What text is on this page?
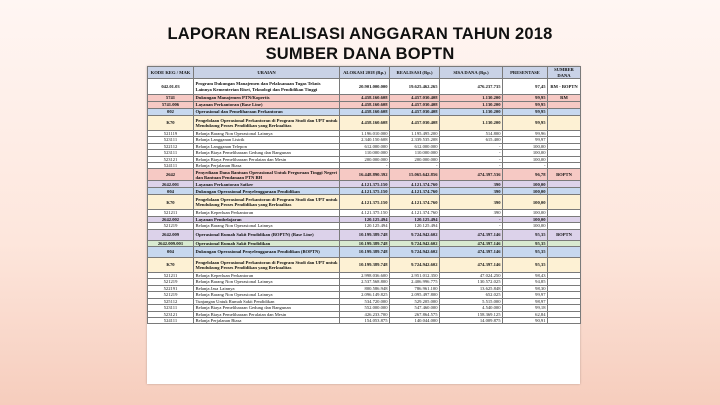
LAPORAN REALISASI ANGGARAN TAHUN 2018
SUMBER DANA BOPTN
KODE KEG / MAK	URAIAN	ALOKASI 2018 (Rp.)	REALISASI (Rp.)	SISA DANA (Rp.)	PRESENTASE	SUMBER DANA
042.01.03	Program Dukungan Manajemen dan Pelaksanaan Tugas Teknis Lainnya Kementerian Riset, Teknologi dan Pendidikan Tinggi	20.901.000.000	19.625.462.265	476.237.735	97,45	RM - BOPTN
5741	Dukungan Manajemen PTN/Kopertis	4.458.160.608	4.457.030.408	1.130.200	99,95	RM
5741.006	Layanan Perkantoran (Base Line)	4.458.160.608	4.457.030.408	1.130.200	99,95	
002	Operasional dan Pemeliharaan Perkantoran	4.458.160.608	4.457.030.408	1.130.200	99,95	
K70	Pengelolaan Operasional Perkantoran di Program Studi dan UPT untuk Mendukung Proses Pendidikan yang Berkualitas	4.458.160.608	4.457.030.408	1.130.200	99,95	
521119	Belanja Barang Non Operasional Lainnya	1.196.010.000	1.195.495.200	514.800	99,96	
523111	Belanja Langganan Listrik	2.340.150.608	2.339.535.208	615.400	99,97	
522112	Belanja Langganan Telepon	612.000.000	612.000.000	-	100,00	
523111	Belanja Biaya Pemeliharaan Gedung dan Bangunan	110.000.000	110.000.000	-	100,00	
523121	Belanja Biaya Pemeliharaan Peralatan dan Mesin	200.000.000	200.000.000	-	100,00	
524111	Belanja Perjalanan Biasa	-	-	-	-	
2642	Penyediaan Dana Bantuan Operasional Untuk Perguruan Tinggi Negeri dan Bantuan Pendanaan PTN BH	16.448.890.392	15.065.642.856	474.397.536	96,78	BOPTN
2642.001	Layanan Perkantoran Satker	4.121.375.150	4.121.374.760	390	100,00	
004	Dukungan Operasional Penyelenggaraan Pendidikan	4.121.375.150	4.121.374.760	390	100,00	
K70	Pengelolaan Operasional Perkantoran di Program Studi dan UPT untuk Mendukung Proses Pendidikan yang Berkualitas	4.121.375.150	4.121.374.760	390	100,00	
521211	Belanja Keperluan Perkantoran	4.121.375.150	4.121.374.760	390	100,00	
2642.002	Layanan Pembelajaran	120.125.494	120.125.494	-	100,00	
521219	Belanja Barang Non Operasional Lainnya	120.125.494	120.125.494	-	100,00	
2642.009	Operasional Rumah Sakit Pendidikan (BOPTN) (Base Line)	10.199.389.748	9.724.942.602	474.397.146	95,35	BOPTN
2642.009.001	Operasional Rumah Sakit Pendidikan	10.199.389.748	9.724.942.602	474.397.146	95,35	
004	Dukungan Operasional Penyelenggaraan Pendidikan (BOPTN)	10.199.389.748	9.724.942.602	474.397.146	95,35	
K70	Pengelolaan Operasional Perkantoran di Program Studi dan UPT untuk Mendukung Proses Pendidikan yang Berkualitas	10.199.389.748	9.724.942.602	474.397.146	95,35	
521211	Belanja Keperluan Perkantoran	2.998.036.600	2.951.012.350	47.024.250	98,43	
521219	Belanja Barang Non Operasional Lainnya	2.537.568.800	2.406.996.775	130.572.025	94,85	
522191	Belanja Jasa Lainnya	800.586.948	786.961.100	13.625.848	98,30	
521219	Belanja Barang Non Operasional Lainnya	2.096.149.825	2.095.497.800	652.025	99,97	
525112	Tunjangan Untuk Rumah Sakit Pendidikan	534.720.000	529.205.000	5.515.000	98,97	
523111	Belanja Biaya Pemeliharaan Gedung dan Bangunan	552.000.000	547.460.000	4.540.000	99,18	
523121	Belanja Biaya Pemeliharaan Peralatan dan Mesin	426.233.700	267.864.575	158.369.125	62,84	
524111	Belanja Perjalanan Biasa	154.053.875	140.044.000	14.009.875	90,91	
